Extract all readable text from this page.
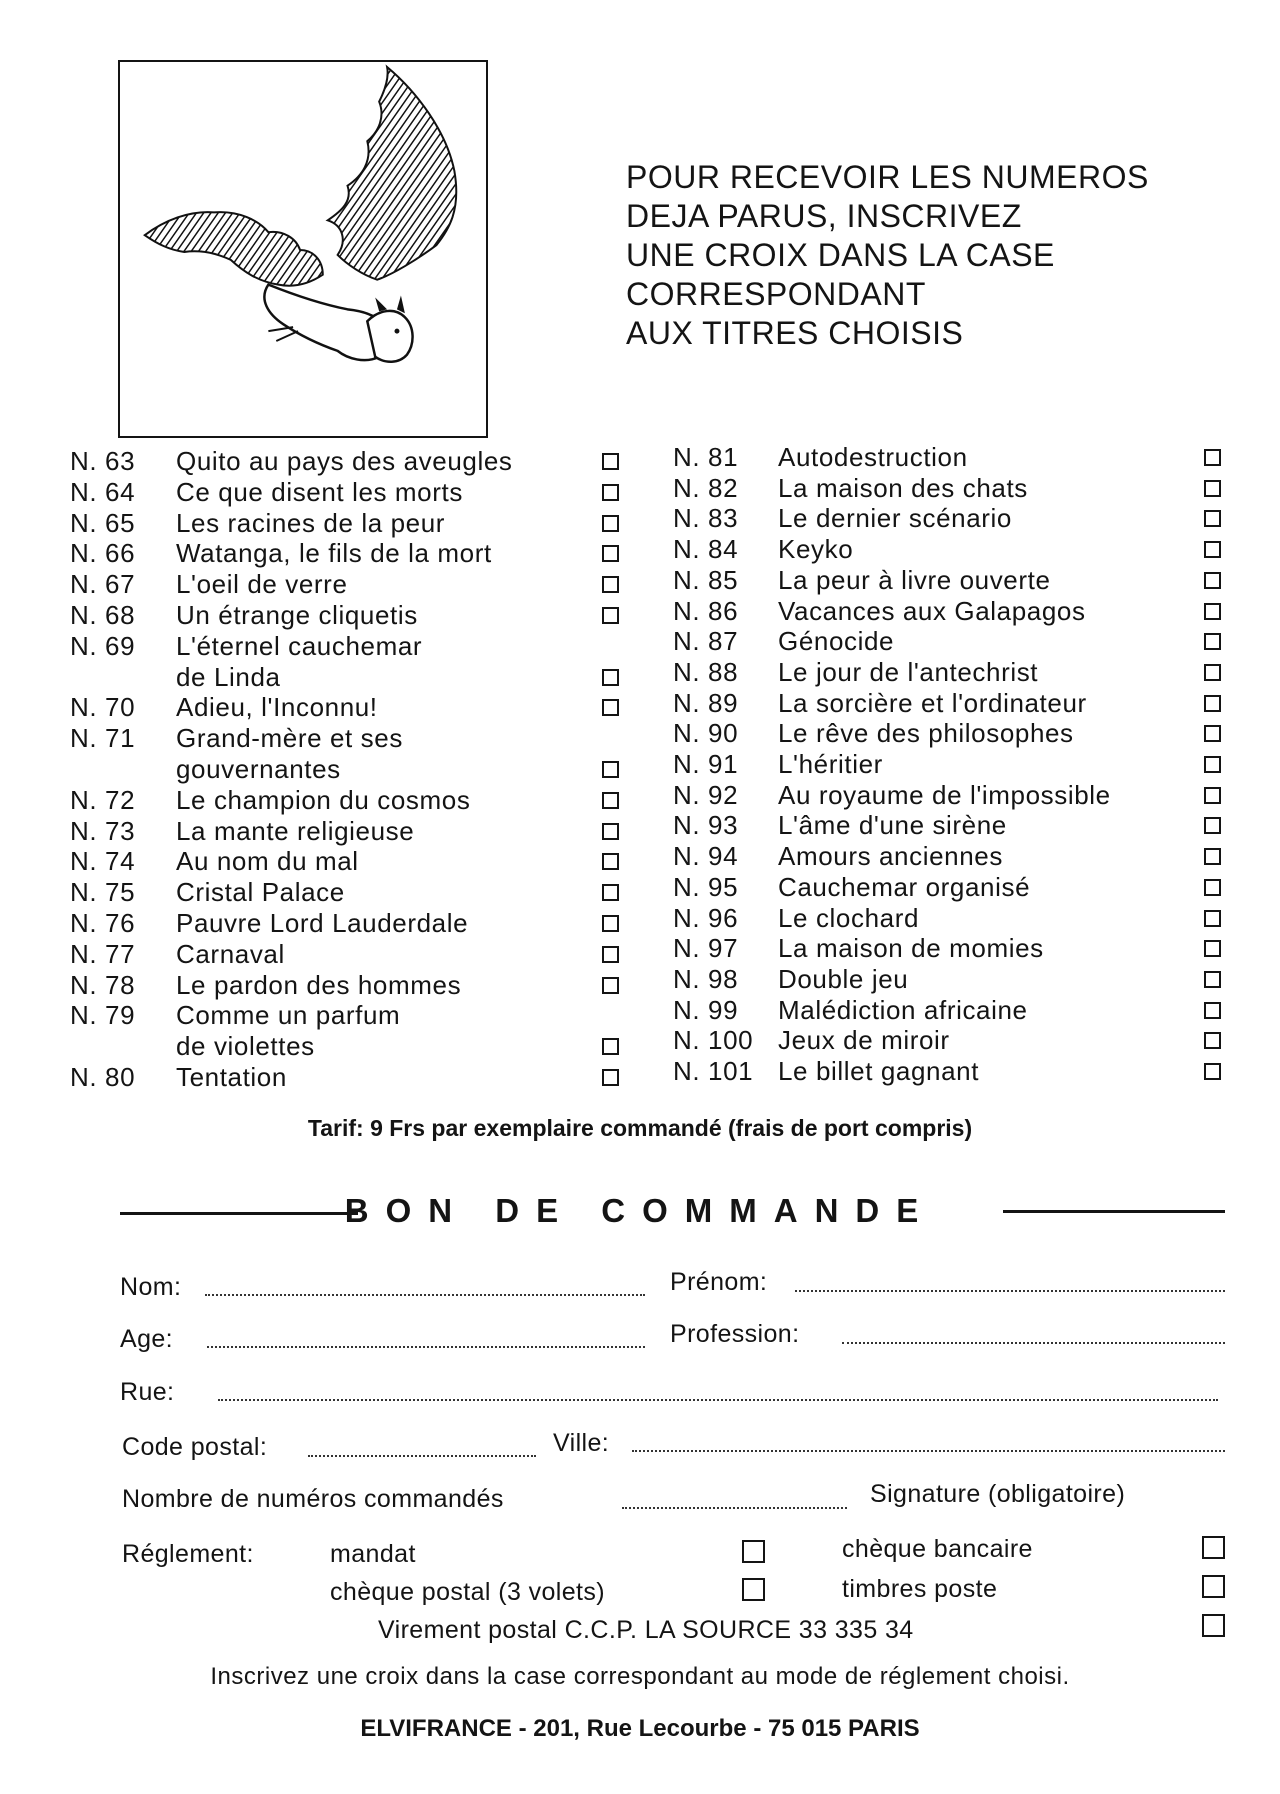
POUR RECEVOIR LES NUMEROS
DEJA PARUS, INSCRIVEZ
UNE CROIX DANS LA CASE
CORRESPONDANT
AUX TITRES CHOISIS
N. 63 Quito au pays des aveugles
N. 64 Ce que disent les morts
N. 65 Les racines de la peur
N. 66 Watanga, le fils de la mort
N. 67 L'oeil de verre
N. 68 Un étrange cliquetis
N. 69 L'éternel cauchemar
de Linda
N. 70 Adieu, l'Inconnu!
N. 71 Grand-mère et ses
gouvernantes
N. 72 Le champion du cosmos
N. 73 La mante religieuse
N. 74 Au nom du mal
N. 75 Cristal Palace
N. 76 Pauvre Lord Lauderdale
N. 77 Carnaval
N. 78 Le pardon des hommes
N. 79 Comme un parfum
de violettes
N. 80 Tentation
N. 81 Autodestruction
N. 82 La maison des chats
N. 83 Le dernier scénario
N. 84 Keyko
N. 85 La peur à livre ouverte
N. 86 Vacances aux Galapagos
N. 87 Génocide
N. 88 Le jour de l'antechrist
N. 89 La sorcière et l'ordinateur
N. 90 Le rêve des philosophes
N. 91 L'héritier
N. 92 Au royaume de l'impossible
N. 93 L'âme d'une sirène
N. 94 Amours anciennes
N. 95 Cauchemar organisé
N. 96 Le clochard
N. 97 La maison de momies
N. 98 Double jeu
N. 99 Malédiction africaine
N. 100 Jeux de miroir
N. 101 Le billet gagnant
Tarif: 9 Frs par exemplaire commandé (frais de port compris)
BON DE COMMANDE
Nom:	Prénom:
Age:	Profession:
Rue:
Code postal:	Ville:
Nombre de numéros commandés	Signature (obligatoire)
Réglement:	mandat	chèque bancaire
chèque postal (3 volets)	timbres poste
Virement postal C.C.P. LA SOURCE 33 335 34
Inscrivez une croix dans la case correspondant au mode de réglement choisi.
ELVIFRANCE - 201, Rue Lecourbe - 75 015 PARIS
